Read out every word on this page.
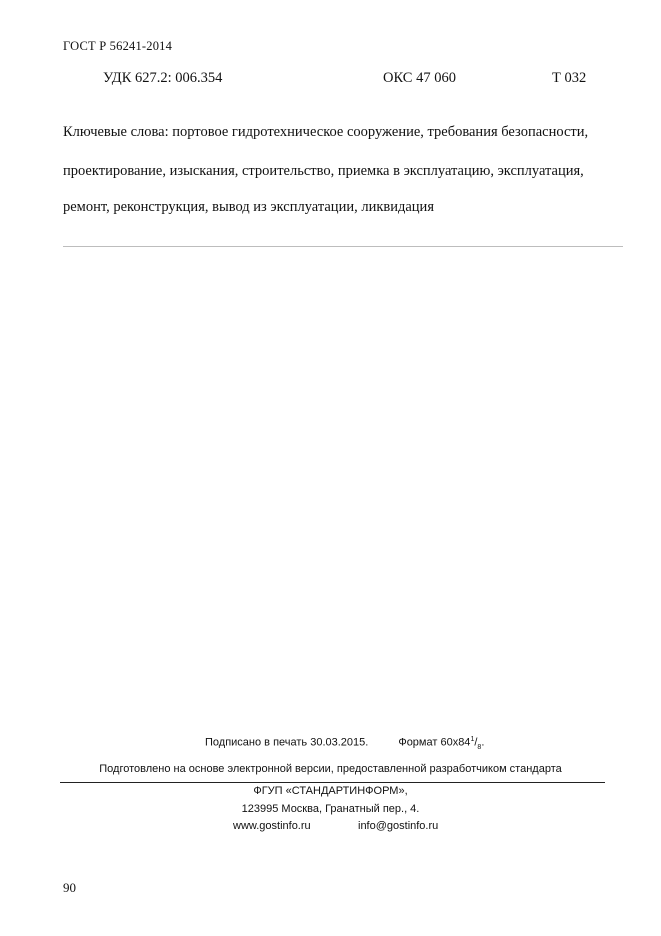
ГОСТ Р 56241-2014
УДК 627.2: 006.354	ОКС 47 060	Т 032
Ключевые слова: портовое гидротехническое сооружение, требования безопасности,
проектирование, изыскания, строительство, приемка в эксплуатацию, эксплуатация,
ремонт, реконструкция, вывод из эксплуатации, ликвидация
Подписано в печать 30.03.2015.	Формат $60x84^1/_8$.
Подготовлено на основе электронной версии, предоставленной разработчиком стандарта
ФГУП «СТАНДАРТИНФОРМ»,
123995 Москва, Гранатный пер., 4.
www.gostinfo.ru	info@gostinfo.ru
90
